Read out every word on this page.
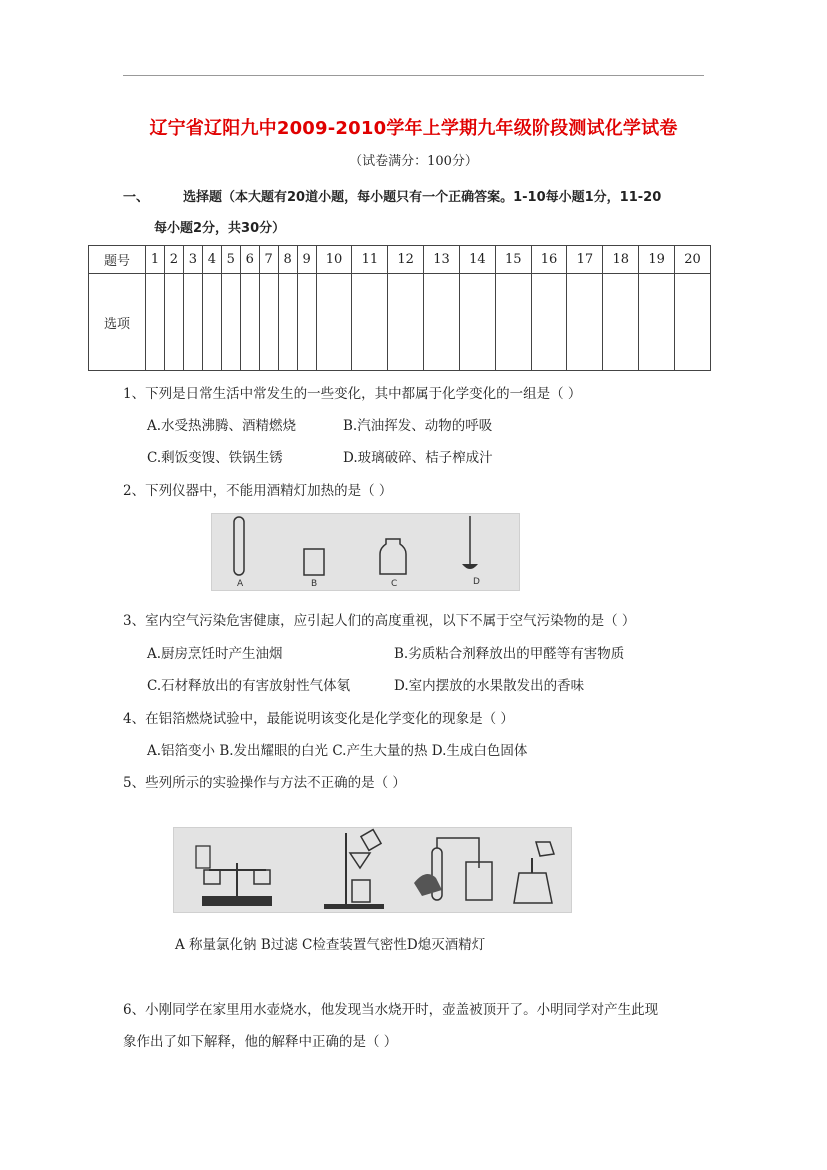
辽宁省辽阳九中2009-2010学年上学期九年级阶段测试化学试卷
（试卷满分：100分）
一、	选择题（本大题有20道小题，每小题只有一个正确答案。1-10每小题1分，11-20
每小题2分，共30分）
题号	1	2	3	4	5	6	7	8	9	10	11	12	13	14	15	16	17	18	19	20
选项																				
1、下列是日常生活中常发生的一些变化，其中都属于化学变化的一组是（ ）
A.水受热沸腾、酒精燃烧	B.汽油挥发、动物的呼吸
C.剩饭变馊、铁锅生锈	D.玻璃破碎、桔子榨成汁
2、下列仪器中，不能用酒精灯加热的是（ ）
A	B	C	D
3、室内空气污染危害健康，应引起人们的高度重视，以下不属于空气污染物的是（ ）
A.厨房烹饪时产生油烟	B.劣质粘合剂释放出的甲醛等有害物质
C.石材释放出的有害放射性气体氡	D.室内摆放的水果散发出的香味
4、在铝箔燃烧试验中，最能说明该变化是化学变化的现象是（ ）
A.铝箔变小 B.发出耀眼的白光 C.产生大量的热 D.生成白色固体
5、些列所示的实验操作与方法不正确的是（ ）
A 称量氯化钠 B过滤 C检查装置气密性D熄灭酒精灯
6、小刚同学在家里用水壶烧水，他发现当水烧开时，壶盖被顶开了。小明同学对产生此现
象作出了如下解释，他的解释中正确的是（ ）
